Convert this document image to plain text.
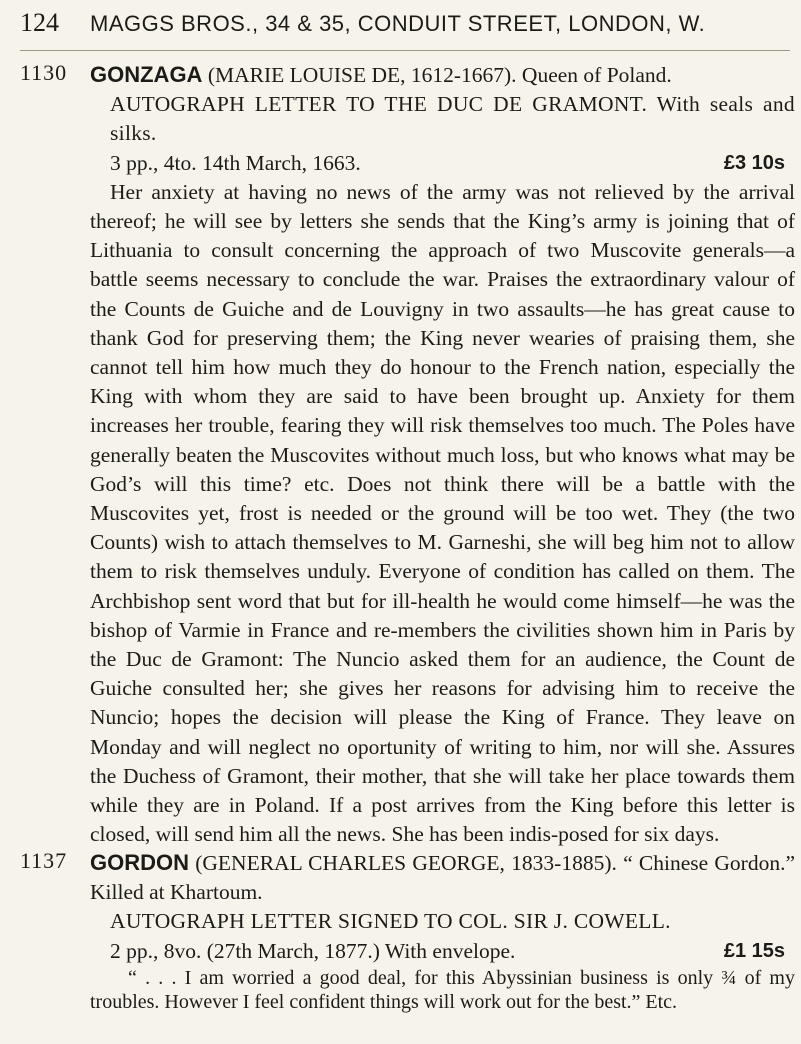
124	MAGGS BROS., 34 & 35, CONDUIT STREET, LONDON, W.
1130 GONZAGA (MARIE LOUISE DE, 1612-1667). Queen of Poland.
AUTOGRAPH LETTER TO THE DUC DE GRAMONT. With seals and silks.
3 pp., 4to. 14th March, 1663.	£3 10s
Her anxiety at having no news of the army was not relieved by the arrival thereof; he will see by letters she sends that the King’s army is joining that of Lithuania to consult concerning the approach of two Muscovite generals—a battle seems necessary to conclude the war. Praises the extraordinary valour of the Counts de Guiche and de Louvigny in two assaults—he has great cause to thank God for preserving them; the King never wearies of praising them, she cannot tell him how much they do honour to the French nation, especially the King with whom they are said to have been brought up. Anxiety for them increases her trouble, fearing they will risk themselves too much. The Poles have generally beaten the Muscovites without much loss, but who knows what may be God’s will this time? etc. Does not think there will be a battle with the Muscovites yet, frost is needed or the ground will be too wet. They (the two Counts) wish to attach themselves to M. Garneshi, she will beg him not to allow them to risk themselves unduly. Everyone of condition has called on them. The Archbishop sent word that but for ill-health he would come himself—he was the bishop of Varmie in France and re-members the civilities shown him in Paris by the Duc de Gramont: The Nuncio asked them for an audience, the Count de Guiche consulted her; she gives her reasons for advising him to receive the Nuncio; hopes the decision will please the King of France. They leave on Monday and will neglect no oportunity of writing to him, nor will she. Assures the Duchess of Gramont, their mother, that she will take her place towards them while they are in Poland. If a post arrives from the King before this letter is closed, will send him all the news. She has been indis-posed for six days.
1137 GORDON (GENERAL CHARLES GEORGE, 1833-1885). “ Chinese Gordon.” Killed at Khartoum.
AUTOGRAPH LETTER SIGNED TO COL. SIR J. COWELL.
2 pp., 8vo. (27th March, 1877.) With envelope.	£1 15s
“ . . . I am worried a good deal, for this Abyssinian business is only ¾ of my troubles. However I feel confident things will work out for the best.” Etc.
